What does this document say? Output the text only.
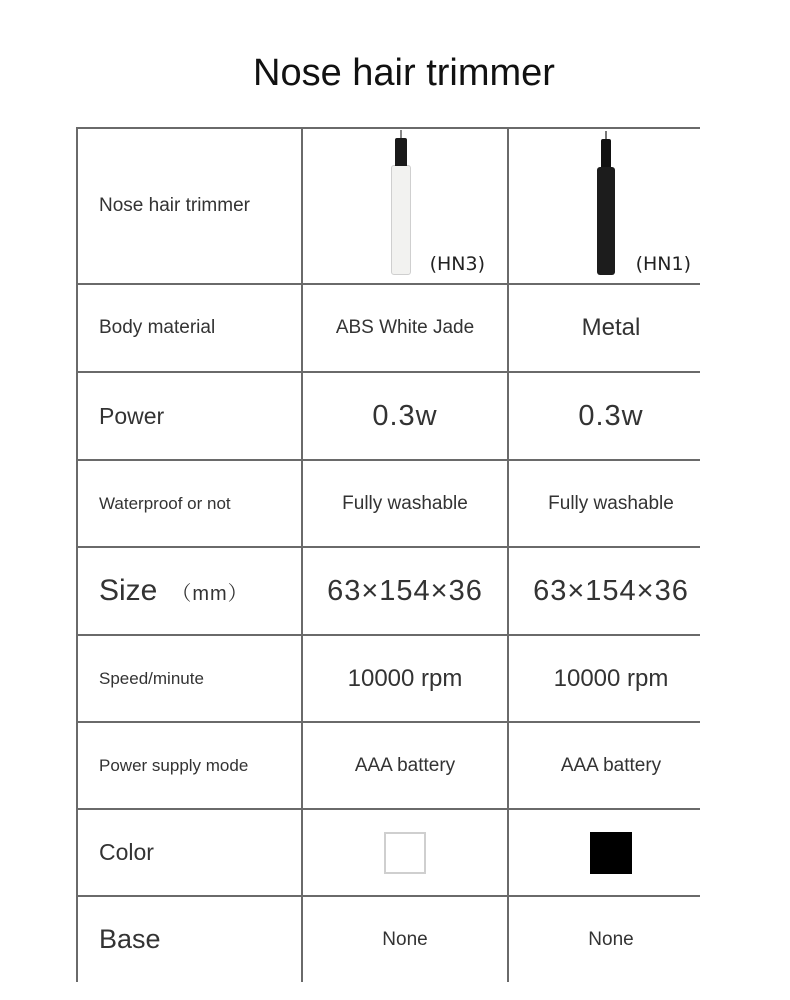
Nose hair trimmer
Nose hair trimmer	(HN3)	(HN1)	

Body material	ABS White Jade	Metal	
Power	0.3w	0.3w	
Waterproof or not	Fully washable	Fully washable	
Size （mm）	63×154×36	63×154×36	
Speed/minute	10000 rpm	10000 rpm	
Power supply mode	AAA battery	AAA battery	
Color			
Base	None	None	
